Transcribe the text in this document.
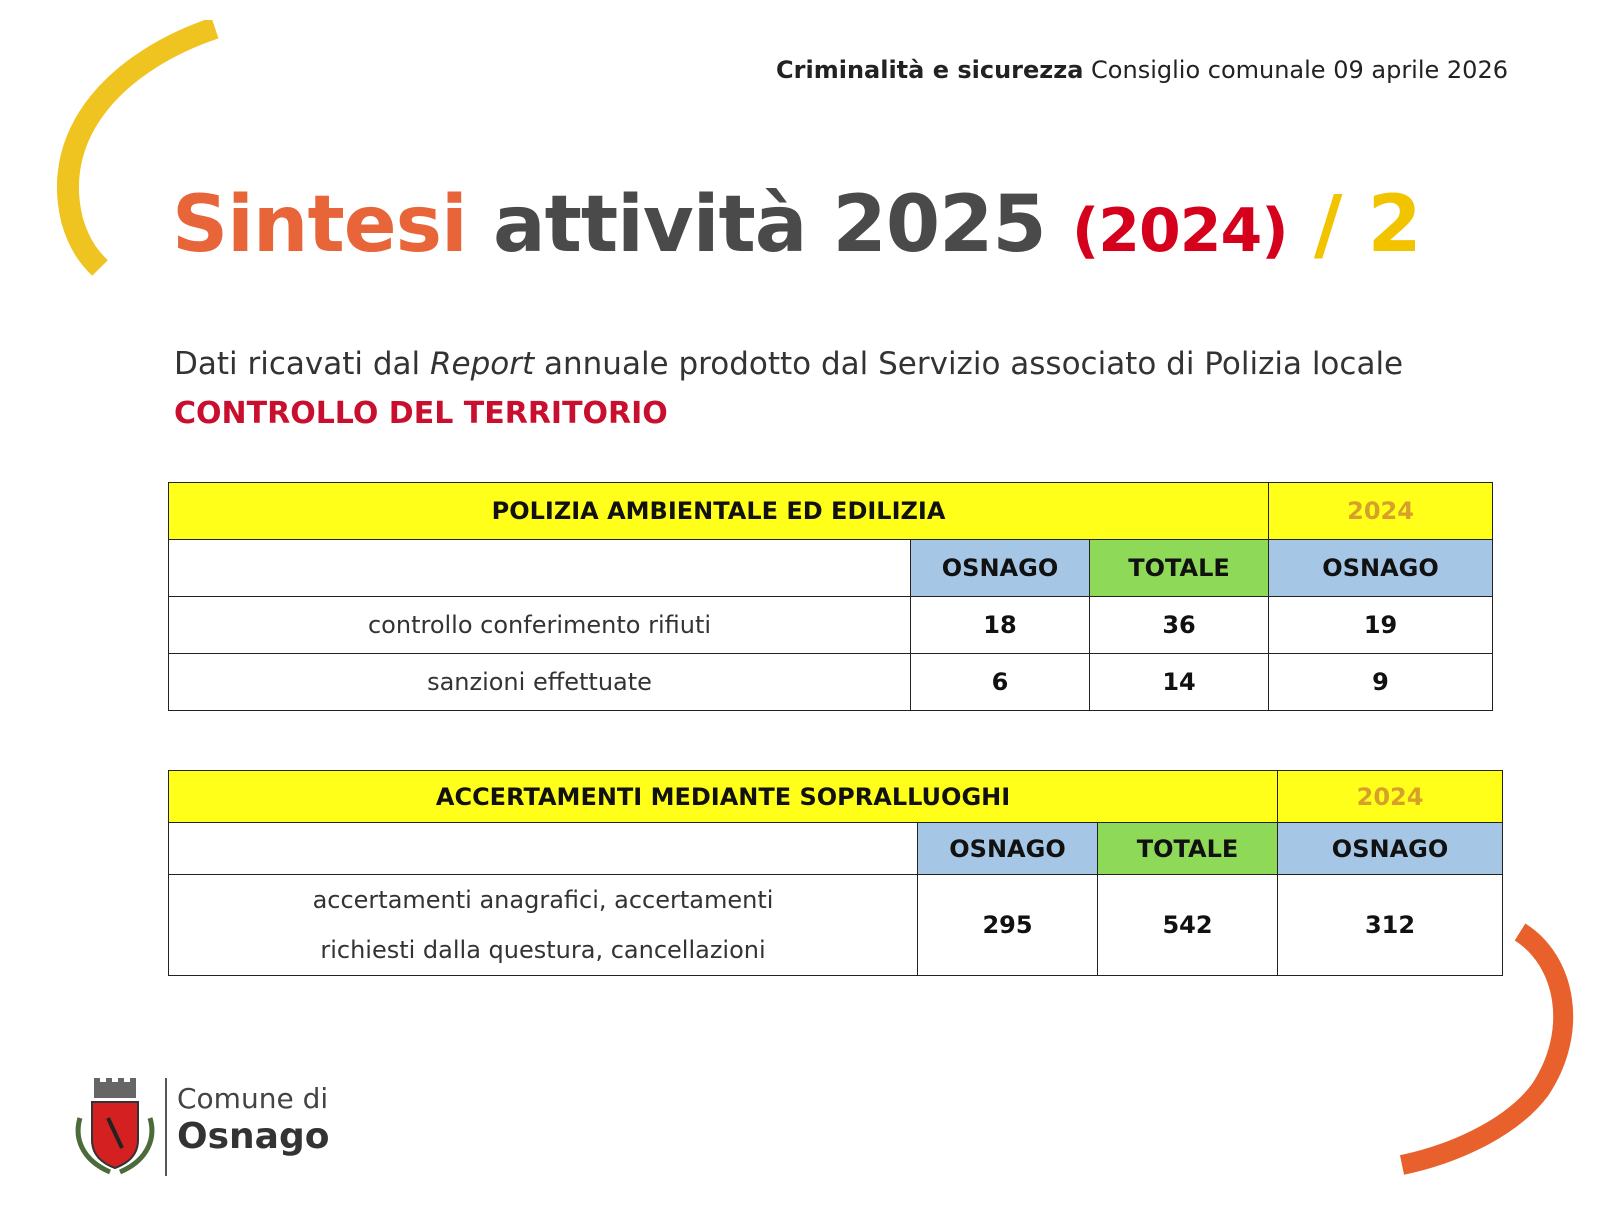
Criminalità e sicurezza Consiglio comunale 09 aprile 2026
Sintesi attività 2025 (2024) / 2
Dati ricavati dal Report annuale prodotto dal Servizio associato di Polizia locale
CONTROLLO DEL TERRITORIO
POLIZIA AMBIENTALE ED EDILIZIA			2024
	OSNAGO	TOTALE	OSNAGO
controllo conferimento rifiuti	18	36	19
sanzioni effettuate	6	14	9
ACCERTAMENTI MEDIANTE SOPRALLUOGHI			2024
	OSNAGO	TOTALE	OSNAGO

accertamenti anagrafici, accertamenti
richiesti dalla questura, cancellazioni	295	542	312
Comune di
Osnago
